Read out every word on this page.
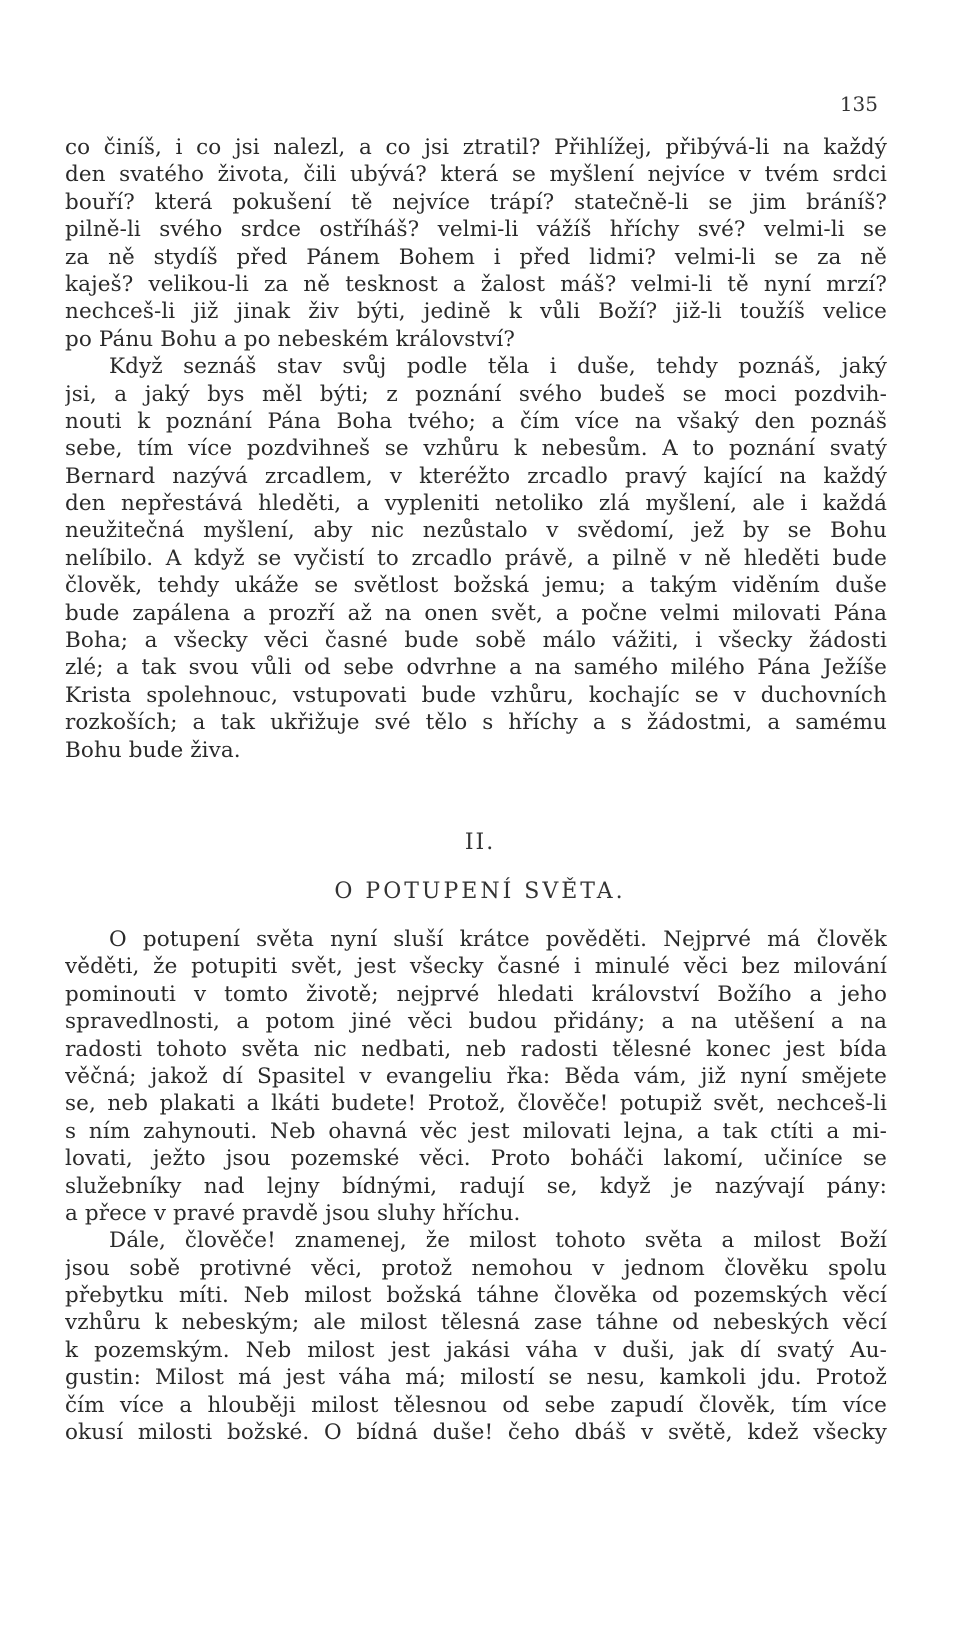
135
co činíš, i co jsi nalezl, a co jsi ztratil? Přihlížej, přibývá-li na každý
den svatého života, čili ubývá? která se myšlení nejvíce v tvém srdci
bouří? která pokušení tě nejvíce trápí? statečně-li se jim bráníš?
pilně-li svého srdce ostříháš? velmi-li vážíš hříchy své? velmi-li se
za ně stydíš před Pánem Bohem i před lidmi? velmi-li se za ně
kaješ? velikou-li za ně tesknost a žalost máš? velmi-li tě nyní mrzí?
nechceš-li již jinak živ býti, jedině k vůli Boží? již-li toužíš velice
po Pánu Bohu a po nebeském království?
Když seznáš stav svůj podle těla i duše, tehdy poznáš, jaký
jsi, a jaký bys měl býti; z poznání svého budeš se moci pozdvih-
nouti k poznání Pána Boha tvého; a čím více na všaký den poznáš
sebe, tím více pozdvihneš se vzhůru k nebesům. A to poznání svatý
Bernard nazývá zrcadlem, v kteréžto zrcadlo pravý kající na každý
den nepřestává hleděti, a vypleniti netoliko zlá myšlení, ale i každá
neužitečná myšlení, aby nic nezůstalo v svědomí, jež by se Bohu
nelíbilo. A když se vyčistí to zrcadlo právě, a pilně v ně hleděti bude
člověk, tehdy ukáže se světlost božská jemu; a takým viděním duše
bude zapálena a prozří až na onen svět, a počne velmi milovati Pána
Boha; a všecky věci časné bude sobě málo vážiti, i všecky žádosti
zlé; a tak svou vůli od sebe odvrhne a na samého milého Pána Ježíše
Krista spolehnouc, vstupovati bude vzhůru, kochajíc se v duchovních
rozkoších; a tak ukřižuje své tělo s hříchy a s žádostmi, a samému
Bohu bude živa.
II.
O POTUPENÍ SVĚTA.
O potupení světa nyní sluší krátce pověděti. Nejprvé má člověk
věděti, že potupiti svět, jest všecky časné i minulé věci bez milování
pominouti v tomto životě; nejprvé hledati království Božího a jeho
spravedlnosti, a potom jiné věci budou přidány; a na utěšení a na
radosti tohoto světa nic nedbati, neb radosti tělesné konec jest bída
věčná; jakož dí Spasitel v evangeliu řka: Běda vám, již nyní smějete
se, neb plakati a lkáti budete! Protož, člověče! potupiž svět, nechceš-li
s ním zahynouti. Neb ohavná věc jest milovati lejna, a tak ctíti a mi-
lovati, ježto jsou pozemské věci. Proto boháči lakomí, učiníce se
služebníky nad lejny bídnými, radují se, když je nazývají pány:
a přece v pravé pravdě jsou sluhy hříchu.
Dále, člověče! znamenej, že milost tohoto světa a milost Boží
jsou sobě protivné věci, protož nemohou v jednom člověku spolu
přebytku míti. Neb milost božská táhne člověka od pozemských věcí
vzhůru k nebeským; ale milost tělesná zase táhne od nebeských věcí
k pozemským. Neb milost jest jakási váha v duši, jak dí svatý Au-
gustin: Milost má jest váha má; milostí se nesu, kamkoli jdu. Protož
čím více a hlouběji milost tělesnou od sebe zapudí člověk, tím více
okusí milosti božské. O bídná duše! čeho dbáš v světě, kdež všecky
